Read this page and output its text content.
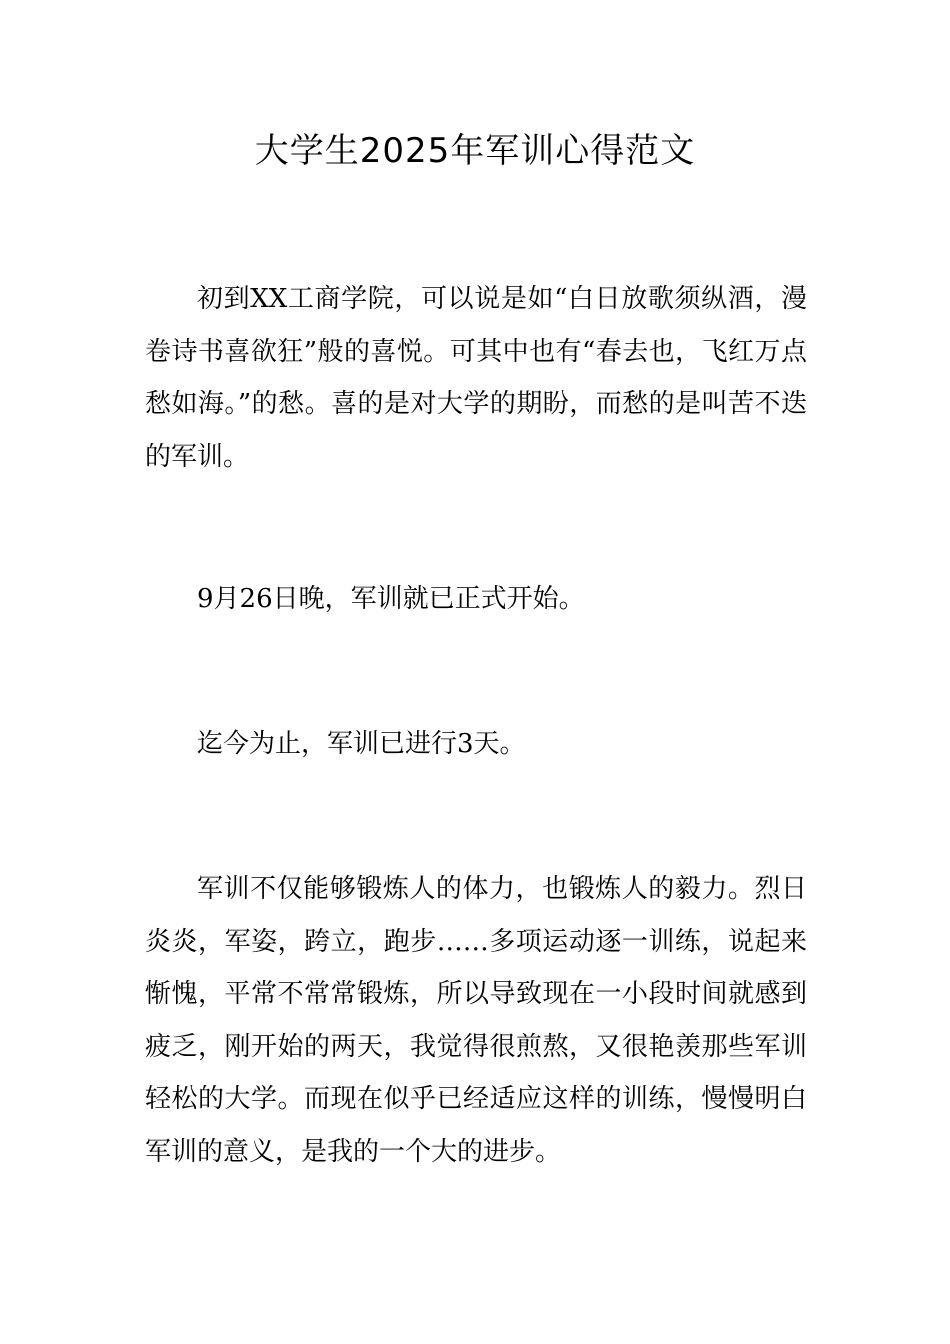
大学生2025年军训心得范文

初到XX工商学院，可以说是如“白日放歌须纵酒，漫卷诗书喜欲狂”般的喜悦。可其中也有“春去也，飞红万点愁如海。”的愁。喜的是对大学的期盼，而愁的是叫苦不迭的军训。

9月26日晚，军训就已正式开始。

迄今为止，军训已进行3天。

军训不仅能够锻炼人的体力，也锻炼人的毅力。烈日炎炎，军姿，跨立，跑步……多项运动逐一训练，说起来惭愧，平常不常常锻炼，所以导致现在一小段时间就感到疲乏，刚开始的两天，我觉得很煎熬，又很艳羡那些军训轻松的大学。而现在似乎已经适应这样的训练，慢慢明白军训的意义，是我的一个大的进步。
